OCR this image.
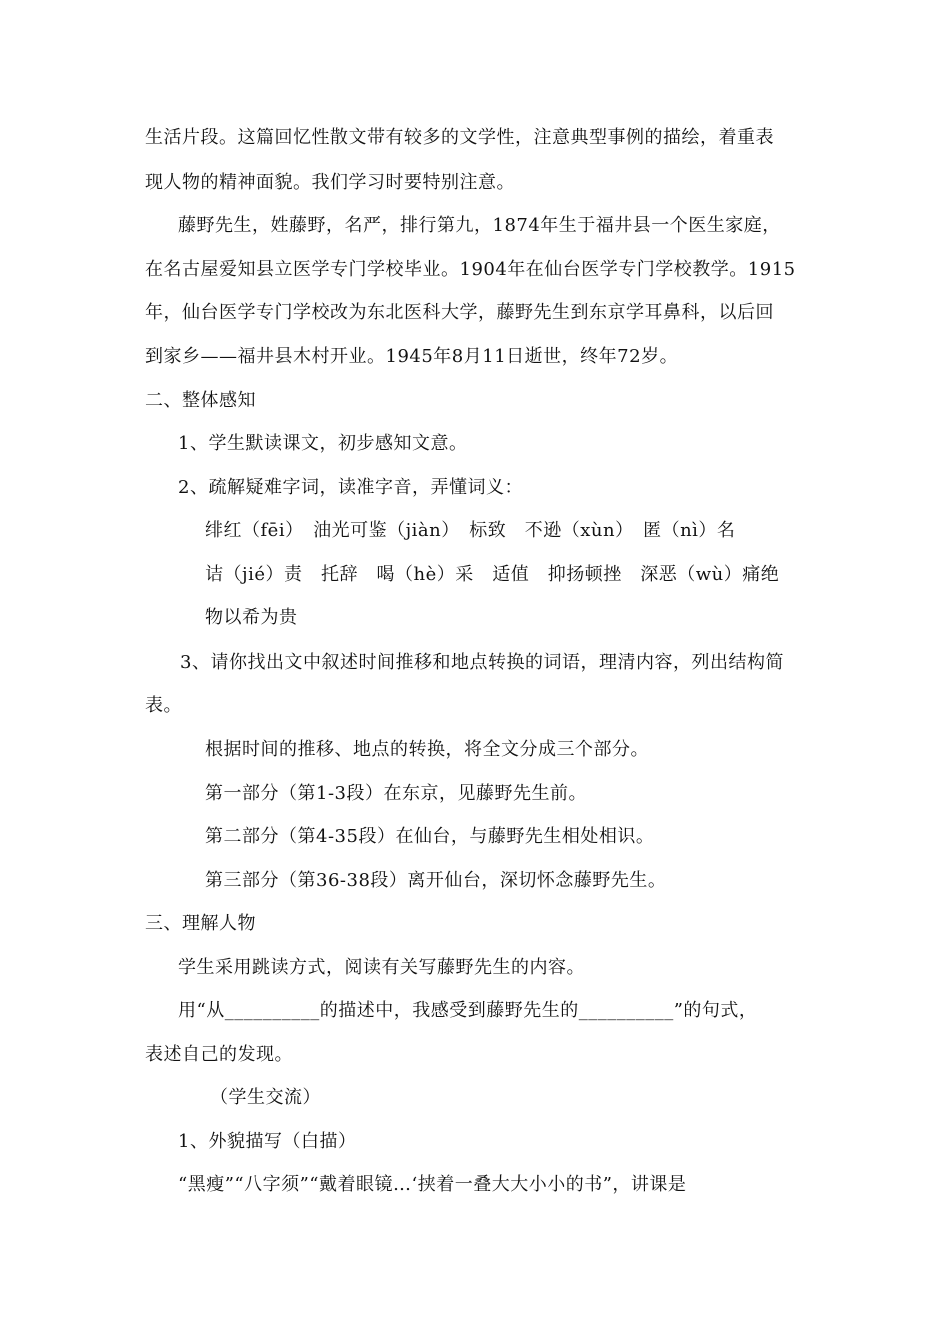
生活片段。这篇回忆性散文带有较多的文学性，注意典型事例的描绘，着重表
现人物的精神面貌。我们学习时要特别注意。
藤野先生，姓藤野，名严，排行第九，1874年生于福井县一个医生家庭，
在名古屋爱知县立医学专门学校毕业。1904年在仙台医学专门学校教学。1915
年，仙台医学专门学校改为东北医科大学，藤野先生到东京学耳鼻科，以后回
到家乡——福井县木村开业。1945年8月11日逝世，终年72岁。
二、整体感知
1、学生默读课文，初步感知文意。
2、疏解疑难字词，读准字音，弄懂词义：
绯红（fēi）　油光可鉴（jiàn）　标致　不逊（xùn）　匿（nì）名
诘（jié）责　托辞　喝（hè）采　适值　抑扬顿挫　深恶（wù）痛绝
物以希为贵
3、请你找出文中叙述时间推移和地点转换的词语，理清内容，列出结构简
表。
根据时间的推移、地点的转换，将全文分成三个部分。
第一部分（第1-3段）在东京，见藤野先生前。
第二部分（第4-35段）在仙台，与藤野先生相处相识。
第三部分（第36-38段）离开仙台，深切怀念藤野先生。
三、理解人物
学生采用跳读方式，阅读有关写藤野先生的内容。
用“从__________的描述中，我感受到藤野先生的__________”的句式，
表述自己的发现。
（学生交流）
1、外貌描写（白描）
“黑瘦”“八字须”“戴着眼镜…‘挟着一叠大大小小的书”，讲课是
